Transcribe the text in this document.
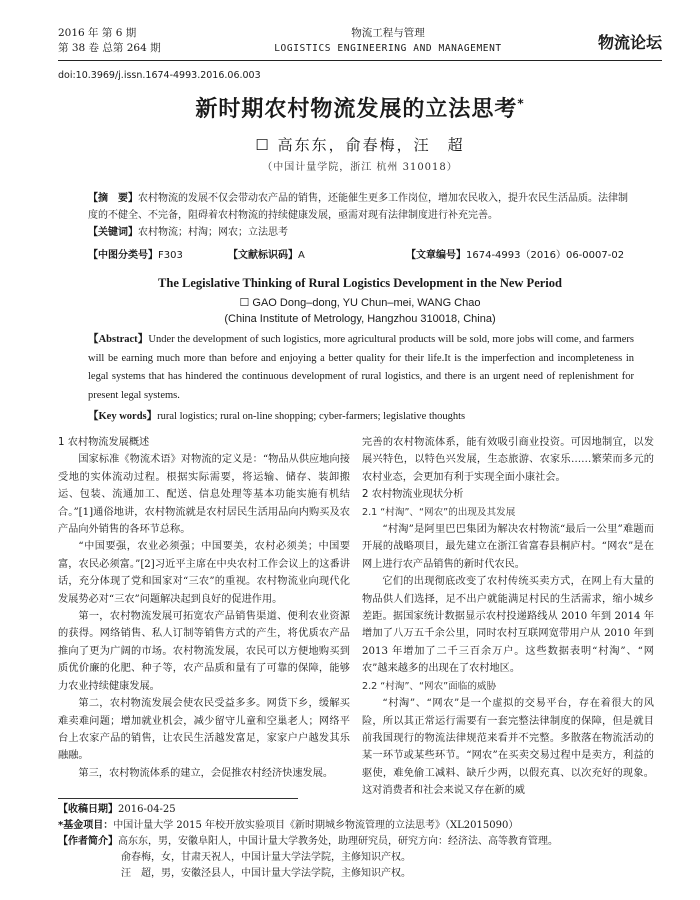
2016 年 第 6 期
第 38 卷 总第 264 期
物流工程与管理
LOGISTICS ENGINEERING AND MANAGEMENT	物流论坛
doi:10.3969/j.issn.1674-4993.2016.06.003
新时期农村物流发展的立法思考*
☐ 高东东，俞春梅，汪　超
（中国计量学院，浙江 杭州 310018）
【摘　要】农村物流的发展不仅会带动农产品的销售，还能催生更多工作岗位，增加农民收入，提升农民生活品质。法律制度的不健全、不完备，阻碍着农村物流的持续健康发展，亟需对现有法律制度进行补充完善。
【关键词】农村物流；村淘；网农；立法思考
【中图分类号】F303	【文献标识码】A	【文章编号】1674-4993（2016）06-0007-02
The Legislative Thinking of Rural Logistics Development in the New Period
☐ GAO Dong–dong, YU Chun–mei, WANG Chao
(China Institute of Metrology, Hangzhou 310018, China)
【Abstract】Under the development of such logistics, more agricultural products will be sold, more jobs will come, and farmers will be earning much more than before and enjoying a better quality for their life.It is the imperfection and incompleteness in legal systems that has hindered the continuous development of rural logistics, and there is an urgent need of replenishment for present legal systems.
【Key words】rural logistics; rural on-line shopping; cyber-farmers; legislative thoughts
1 农村物流发展概述

国家标准《物流术语》对物流的定义是：“物品从供应地向接受地的实体流动过程。根据实际需要，将运输、储存、装卸搬运、包装、流通加工、配送、信息处理等基本功能实施有机结合。”[1]通俗地讲，农村物流就是农村居民生活用品向内购买及农产品向外销售的各环节总称。

“中国要强，农业必须强；中国要美，农村必须美；中国要富，农民必须富。”[2]习近平主席在中央农村工作会议上的这番讲话，充分体现了党和国家对“三农”的重视。农村物流业向现代化发展势必对“三农”问题解决起到良好的促进作用。

第一，农村物流发展可拓宽农产品销售渠道、便利农业资源的获得。网络销售、私人订制等销售方式的产生，将优质农产品推向了更为广阔的市场。农村物流发展，农民可以方便地购买到质优价廉的化肥、种子等，农产品质和量有了可靠的保障，能够力农业持续健康发展。

第二，农村物流发展会使农民受益多多。网货下乡，缓解买难卖难问题；增加就业机会，减少留守儿童和空巢老人；网络平台上农家产品的销售，让农民生活越发富足，家家户户越发其乐融融。

第三，农村物流体系的建立，会促推农村经济快速发展。

完善的农村物流体系，能有效吸引商业投资。可因地制宜，以发展兴特色，以特色兴发展，生态旅游、农家乐……繁荣而多元的农村业态，会更加有利于实现全面小康社会。

2 农村物流业现状分析
2.1 “村淘”、“网农”的出现及其发展

“村淘”是阿里巴巴集团为解决农村物流“最后一公里”难题而开展的战略项目，最先建立在浙江省富春县桐庐村。“网农”是在网上进行农产品销售的新时代农民。

它们的出现彻底改变了农村传统买卖方式，在网上有大量的物品供人们选择，足不出户就能满足村民的生活需求，缩小城乡差距。据国家统计数据显示农村投递路线从 2010 年到 2014 年增加了八万五千余公里，同时农村互联网宽带用户从 2010 年到 2013 年增加了二千三百余万户。这些数据表明“村淘”、“网农”越来越多的出现在了农村地区。

2.2 “村淘”、“网农”面临的威胁

“村淘”、“网农”是一个虚拟的交易平台，存在着很大的风险，所以其正常运行需要有一套完整法律制度的保障，但是就目前我国现行的物流法律规范来看并不完整。多散落在物流活动的某一环节或某些环节。“网农”在买卖交易过程中是卖方，利益的驱使，难免偷工减料、缺斤少两，以假充真、以次充好的现象。这对消费者和社会来说又存在新的威

【收稿日期】2016-04-25
*基金项目：中国计量大学 2015 年校开放实验项目《新时期城乡物流管理的立法思考》（XL2015090）
【作者简介】高东东，男，安徽阜阳人，中国计量大学教务处，助理研究员，研究方向：经济法、高等教育管理。
俞春梅，女，甘肃天祝人，中国计量大学法学院，主修知识产权。
汪　超，男，安徽泾县人，中国计量大学法学院，主修知识产权。
